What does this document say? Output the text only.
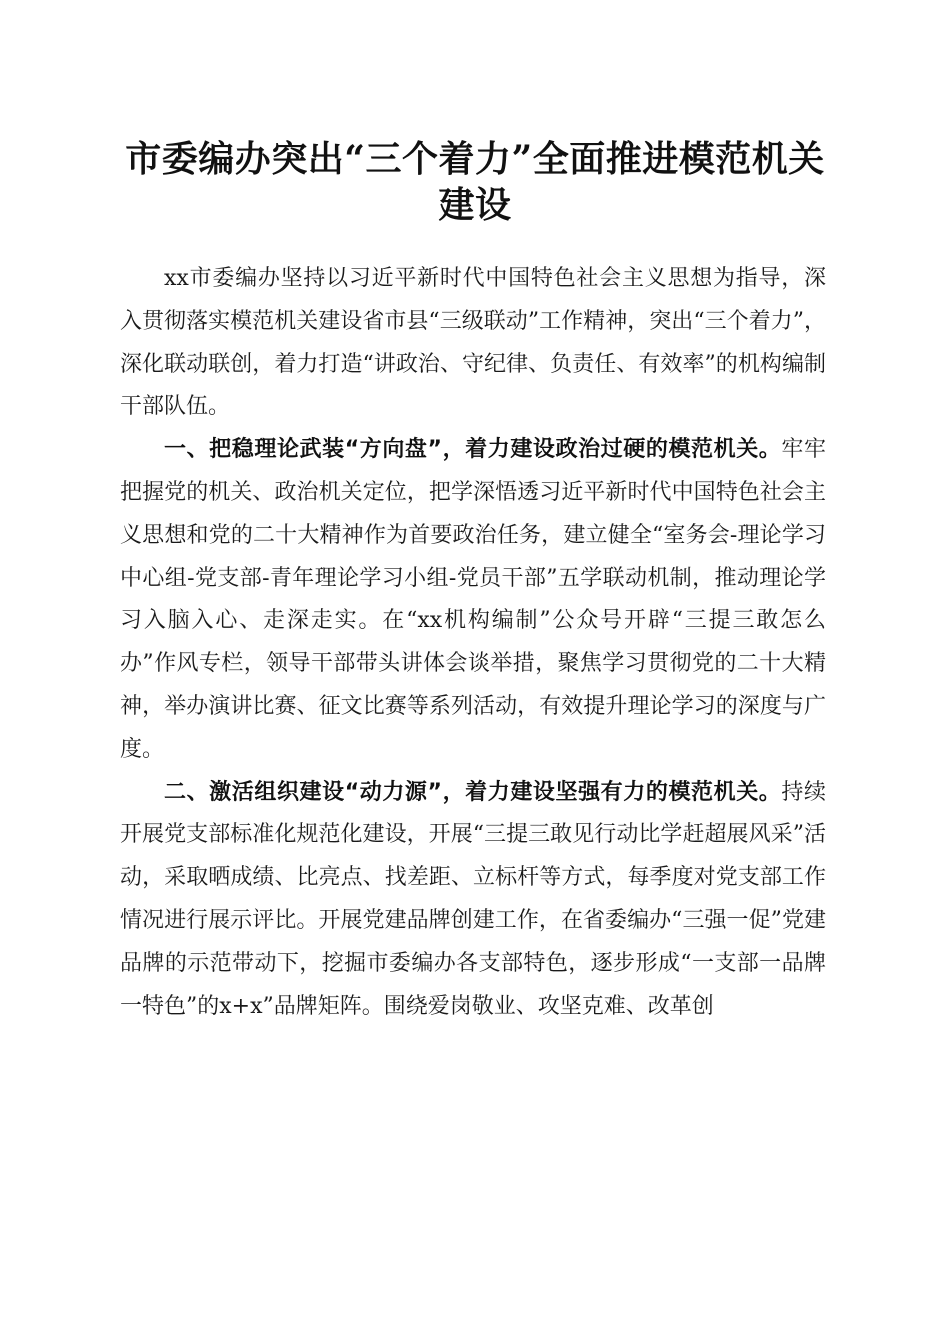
市委编办突出“三个着力”全面推进模范机关
建设

xx市委编办坚持以习近平新时代中国特色社会主义思想为指导，深入贯彻落实模范机关建设省市县“三级联动”工作精神，突出“三个着力”，深化联动联创，着力打造“讲政治、守纪律、负责任、有效率”的机构编制干部队伍。

一、把稳理论武装“方向盘”，着力建设政治过硬的模范机关。牢牢把握党的机关、政治机关定位，把学深悟透习近平新时代中国特色社会主义思想和党的二十大精神作为首要政治任务，建立健全“室务会-理论学习中心组-党支部-青年理论学习小组-党员干部”五学联动机制，推动理论学习入脑入心、走深走实。在“xx机构编制”公众号开辟“三提三敢怎么办”作风专栏，领导干部带头讲体会谈举措，聚焦学习贯彻党的二十大精神，举办演讲比赛、征文比赛等系列活动，有效提升理论学习的深度与广度。

二、激活组织建设“动力源”，着力建设坚强有力的模范机关。持续开展党支部标准化规范化建设，开展“三提三敢见行动比学赶超展风采”活动，采取晒成绩、比亮点、找差距、立标杆等方式，每季度对党支部工作情况进行展示评比。开展党建品牌创建工作，在省委编办“三强一促”党建品牌的示范带动下，挖掘市委编办各支部特色，逐步形成“一支部一品牌一特色”的x+x”品牌矩阵。围绕爱岗敬业、攻坚克难、改革创
